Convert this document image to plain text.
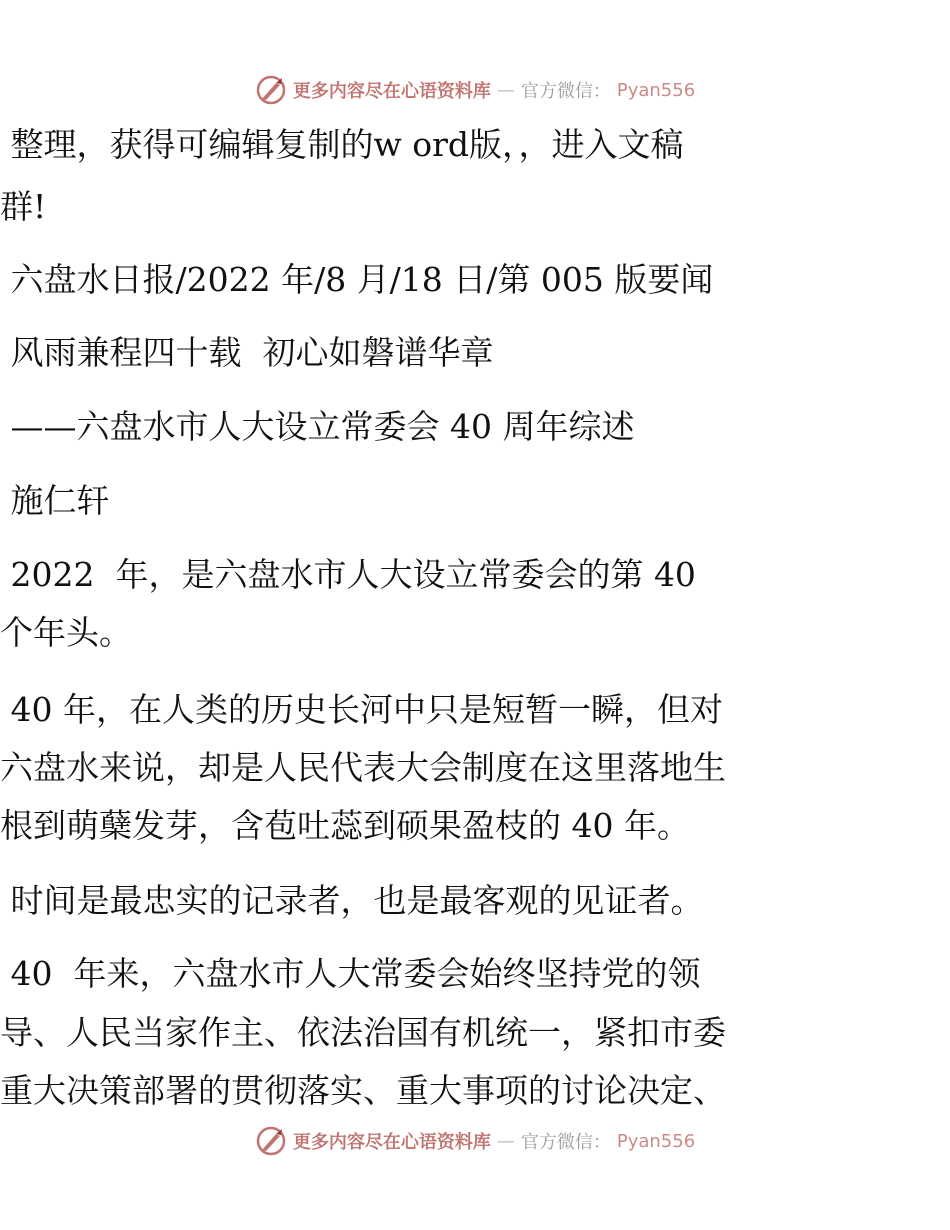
更多内容尽在心语资料库 — 官方微信： Pyan556
整理，获得可编辑复制的w ord版，，进入文稿
群!
六盘水日报/2022 年/8 月/18 日/第 005 版要闻
风雨兼程四十载  初心如磐谱华章
——六盘水市人大设立常委会 40 周年综述
施仁轩
2022  年，是六盘水市人大设立常委会的第 40
个年头。
40 年，在人类的历史长河中只是短暂一瞬，但对
六盘水来说，却是人民代表大会制度在这里落地生
根到萌蘖发芽，含苞吐蕊到硕果盈枝的 40 年。
时间是最忠实的记录者，也是最客观的见证者。
40  年来，六盘水市人大常委会始终坚持党的领
导、人民当家作主、依法治国有机统一，紧扣市委
重大决策部署的贯彻落实、重大事项的讨论决定、
更多内容尽在心语资料库 — 官方微信： Pyan556
